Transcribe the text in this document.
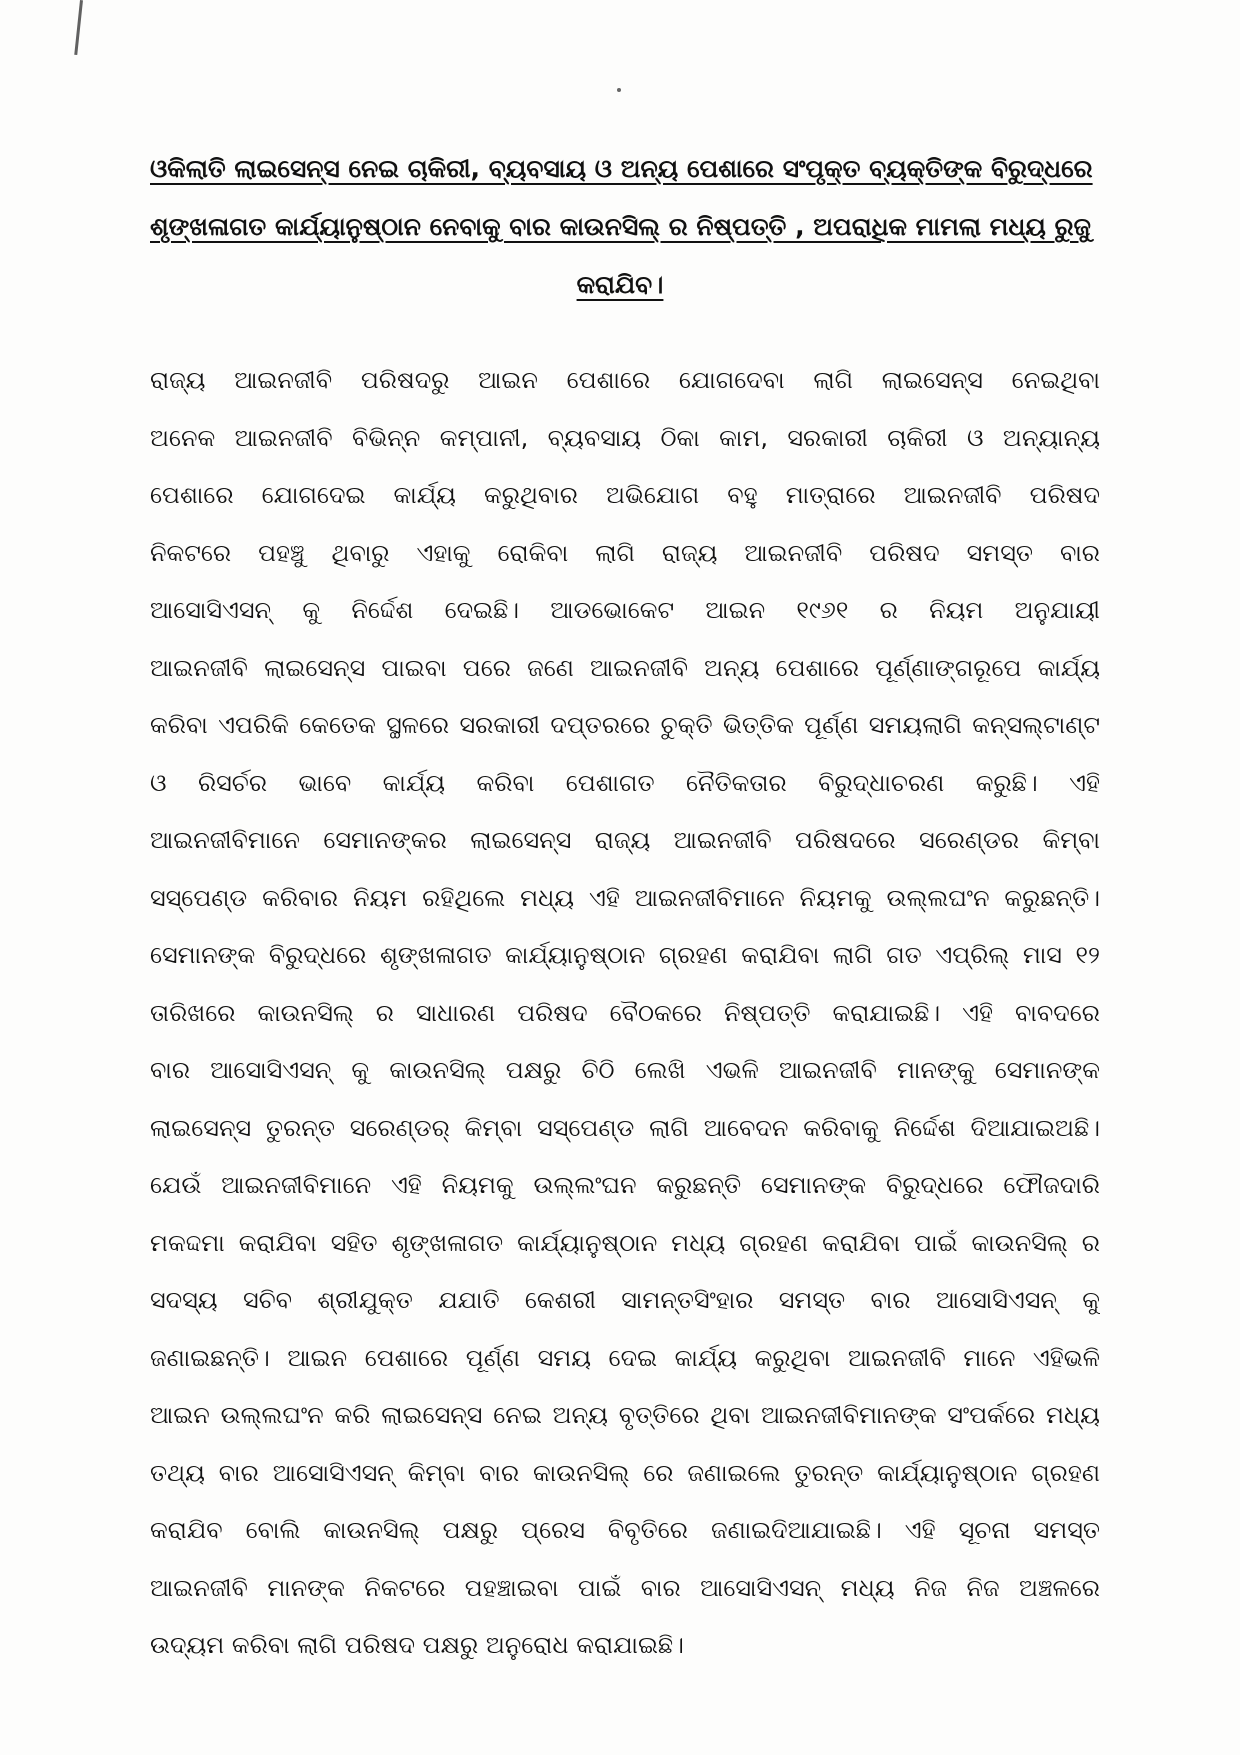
ଓକିଲାତି ଲାଇସେନ୍ସ ନେଇ ଚାକିରୀ, ବ୍ୟବସାୟ ଓ ଅନ୍ୟ ପେଶାରେ ସଂପୃକ୍ତ ବ୍ୟକ୍ତିଙ୍କ ବିରୁଦ୍ଧରେ
ଶୃଙ୍ଖଳାଗତ କାର୍ଯ୍ୟାନୁଷ୍ଠାନ ନେବାକୁ ବାର କାଉନସିଲ୍ ର ନିଷ୍ପତ୍ତି , ଅପରାଧିକ ମାମଲା ମଧ୍ୟ ରୁଜୁ
କରାଯିବ।
ରାଜ୍ୟ ଆଇନଜୀବି ପରିଷଦରୁ ଆଇନ ପେଶାରେ ଯୋଗଦେବା ଲାଗି ଲାଇସେନ୍ସ ନେଇଥିବା
ଅନେକ ଆଇନଜୀବି ବିଭିନ୍ନ କମ୍ପାନୀ, ବ୍ୟବସାୟ ଠିକା କାମ, ସରକାରୀ ଚାକିରୀ ଓ ଅନ୍ୟାନ୍ୟ
ପେଶାରେ ଯୋଗଦେଇ କାର୍ଯ୍ୟ କରୁଥିବାର ଅଭିଯୋଗ ବହୁ ମାତ୍ରାରେ ଆଇନଜୀବି ପରିଷଦ
ନିକଟରେ ପହଞ୍ଚୁ ଥିବାରୁ ଏହାକୁ ରୋକିବା ଲାଗି ରାଜ୍ୟ ଆଇନଜୀବି ପରିଷଦ ସମସ୍ତ ବାର
ଆସୋସିଏସନ୍ କୁ ନିର୍ଦ୍ଦେଶ ଦେଇଛି। ଆଡଭୋକେଟ ଆଇନ ୧୯୬୧ ର ନିୟମ ଅନୁଯାୟୀ
ଆଇନଜୀବି ଲାଇସେନ୍ସ ପାଇବା ପରେ ଜଣେ ଆଇନଜୀବି ଅନ୍ୟ ପେଶାରେ ପୂର୍ଣ୍ଣାଙ୍ଗରୂପେ କାର୍ଯ୍ୟ
କରିବା ଏପରିକି କେତେକ ସ୍ଥଳରେ ସରକାରୀ ଦପ୍ତରରେ ଚୁକ୍ତି ଭିତ୍ତିକ ପୂର୍ଣ୍ଣ ସମୟଲାଗି କନ୍ସଲ୍ଟାଣ୍ଟ
ଓ ରିସର୍ଚର ଭାବେ କାର୍ଯ୍ୟ କରିବା ପେଶାଗତ ନୈତିକତାର ବିରୁଦ୍ଧାଚରଣ କରୁଛି। ଏହି
ଆଇନଜୀବିମାନେ ସେମାନଙ୍କର ଲାଇସେନ୍ସ ରାଜ୍ୟ ଆଇନଜୀବି ପରିଷଦରେ ସରେଣ୍ଡର କିମ୍ବା
ସସ୍ପେଣ୍ଡ କରିବାର ନିୟମ ରହିଥିଲେ ମଧ୍ୟ ଏହି ଆଇନଜୀବିମାନେ ନିୟମକୁ ଉଲ୍ଲଘଂନ କରୁଛନ୍ତି।
ସେମାନଙ୍କ ବିରୁଦ୍ଧରେ ଶୃଙ୍ଖଳାଗତ କାର୍ଯ୍ୟାନୁଷ୍ଠାନ ଗ୍ରହଣ କରାଯିବା ଲାଗି ଗତ ଏପ୍ରିଲ୍ ମାସ ୧୨
ତାରିଖରେ କାଉନସିଲ୍ ର ସାଧାରଣ ପରିଷଦ ବୈଠକରେ ନିଷ୍ପତ୍ତି କରାଯାଇଛି। ଏହି ବାବଦରେ
ବାର ଆସୋସିଏସନ୍ କୁ କାଉନସିଲ୍ ପକ୍ଷରୁ ଚିଠି ଲେଖି ଏଭଳି ଆଇନଜୀବି ମାନଙ୍କୁ ସେମାନଙ୍କ
ଲାଇସେନ୍ସ ତୁରନ୍ତ ସରେଣ୍ଡର୍ କିମ୍ବା ସସ୍ପେଣ୍ଡ ଲାଗି ଆବେଦନ କରିବାକୁ ନିର୍ଦ୍ଦେଶ ଦିଆଯାଇଅଛି।
ଯେଉଁ ଆଇନଜୀବିମାନେ ଏହି ନିୟମକୁ ଉଲ୍ଲଂଘନ କରୁଛନ୍ତି ସେମାନଙ୍କ ବିରୁଦ୍ଧରେ ଫୌଜଦାରି
ମକଦ୍ଦମା କରାଯିବା ସହିତ ଶୃଙ୍ଖଳାଗତ କାର୍ଯ୍ୟାନୁଷ୍ଠାନ ମଧ୍ୟ ଗ୍ରହଣ କରାଯିବା ପାଇଁ କାଉନସିଲ୍ ର
ସଦସ୍ୟ ସଚିବ ଶ୍ରୀଯୁକ୍ତ ଯଯାତି କେଶରୀ ସାମନ୍ତସିଂହାର ସମସ୍ତ ବାର ଆସୋସିଏସନ୍ କୁ
ଜଣାଇଛନ୍ତି। ଆଇନ ପେଶାରେ ପୂର୍ଣ୍ଣ ସମୟ ଦେଇ କାର୍ଯ୍ୟ କରୁଥିବା ଆଇନଜୀବି ମାନେ ଏହିଭଳି
ଆଇନ ଉଲ୍ଲଘଂନ କରି ଲାଇସେନ୍ସ ନେଇ ଅନ୍ୟ ବୃତ୍ତିରେ ଥିବା ଆଇନଜୀବିମାନଙ୍କ ସଂପର୍କରେ ମଧ୍ୟ
ତଥ୍ୟ ବାର ଆସୋସିଏସନ୍ କିମ୍ବା ବାର କାଉନସିଲ୍ ରେ ଜଣାଇଲେ ତୁରନ୍ତ କାର୍ଯ୍ୟାନୁଷ୍ଠାନ ଗ୍ରହଣ
କରାଯିବ ବୋଲି କାଉନସିଲ୍ ପକ୍ଷରୁ ପ୍ରେସ ବିବୃତିରେ ଜଣାଇଦିଆଯାଇଛି। ଏହି ସୂଚନା ସମସ୍ତ
ଆଇନଜୀବି ମାନଙ୍କ ନିକଟରେ ପହଞ୍ଚାଇବା ପାଇଁ ବାର ଆସୋସିଏସନ୍ ମଧ୍ୟ ନିଜ ନିଜ ଅଞ୍ଚଳରେ
ଉଦ୍ୟମ କରିବା ଲାଗି ପରିଷଦ ପକ୍ଷରୁ ଅନୁରୋଧ କରାଯାଇଛି।
